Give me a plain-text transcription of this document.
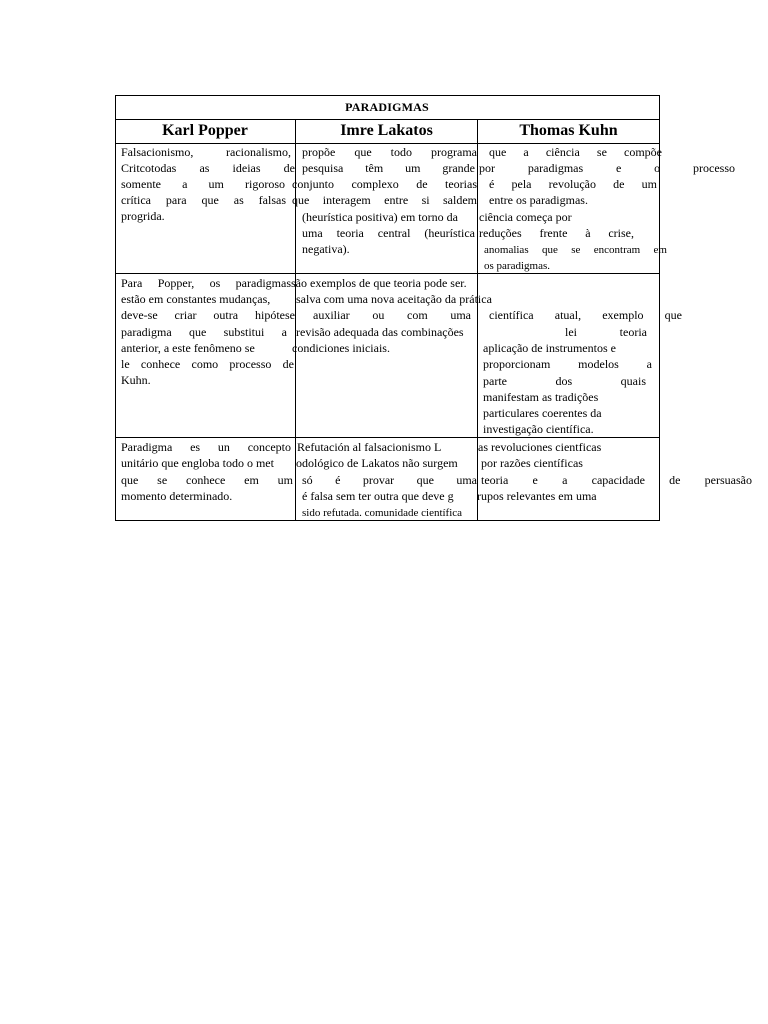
PARADIGMAS
Karl Popper	Imre Lakatos	Thomas Kuhn
Falsacionismo, racionalismo,
Critcotodas as ideias de
somente a um rigoroso
crítica para que as falsas
progrida.
propõe que todo programa
pesquisa têm um grande
conjunto complexo de teorias
que interagem entre si saldem
(heurística positiva) em torno da
uma teoria central (heurística
negativa).
que a ciência se compõe
por paradigmas e o processo
é pela revolução de um
entre os paradigmas.
ciência começa por
reduções frente à crise,
anomalias que se encontram em
os paradigmas.
Para Popper, os paradigmas
estão em constantes mudanças,
deve-se criar outra hipótese
paradigma que substitui a
anterior, a este fenômeno se
le conhece como processo de
Kuhn.
são exemplos de que teoria pode ser.
salva com uma nova aceitação da prática
auxiliar ou com uma
revisão adequada das combinações
condiciones iniciais.
científica atual, exemplo que
lei teoria
aplicação de instrumentos e
proporcionam modelos a
parte dos quais
manifestam as tradições
particulares coerentes da
investigação científica.
Paradigma es un concepto
unitário que engloba todo o met
que se conhece em um
momento determinado.
Refutación al falsacionismo L
odológico de Lakatos não surgem
só é provar que uma
é falsa sem ter outra que deve g
sido refutada. comunidade científica
as revoluciones cientficas
por razões científicas
teoria e a capacidade de persuasão
rupos relevantes em uma
